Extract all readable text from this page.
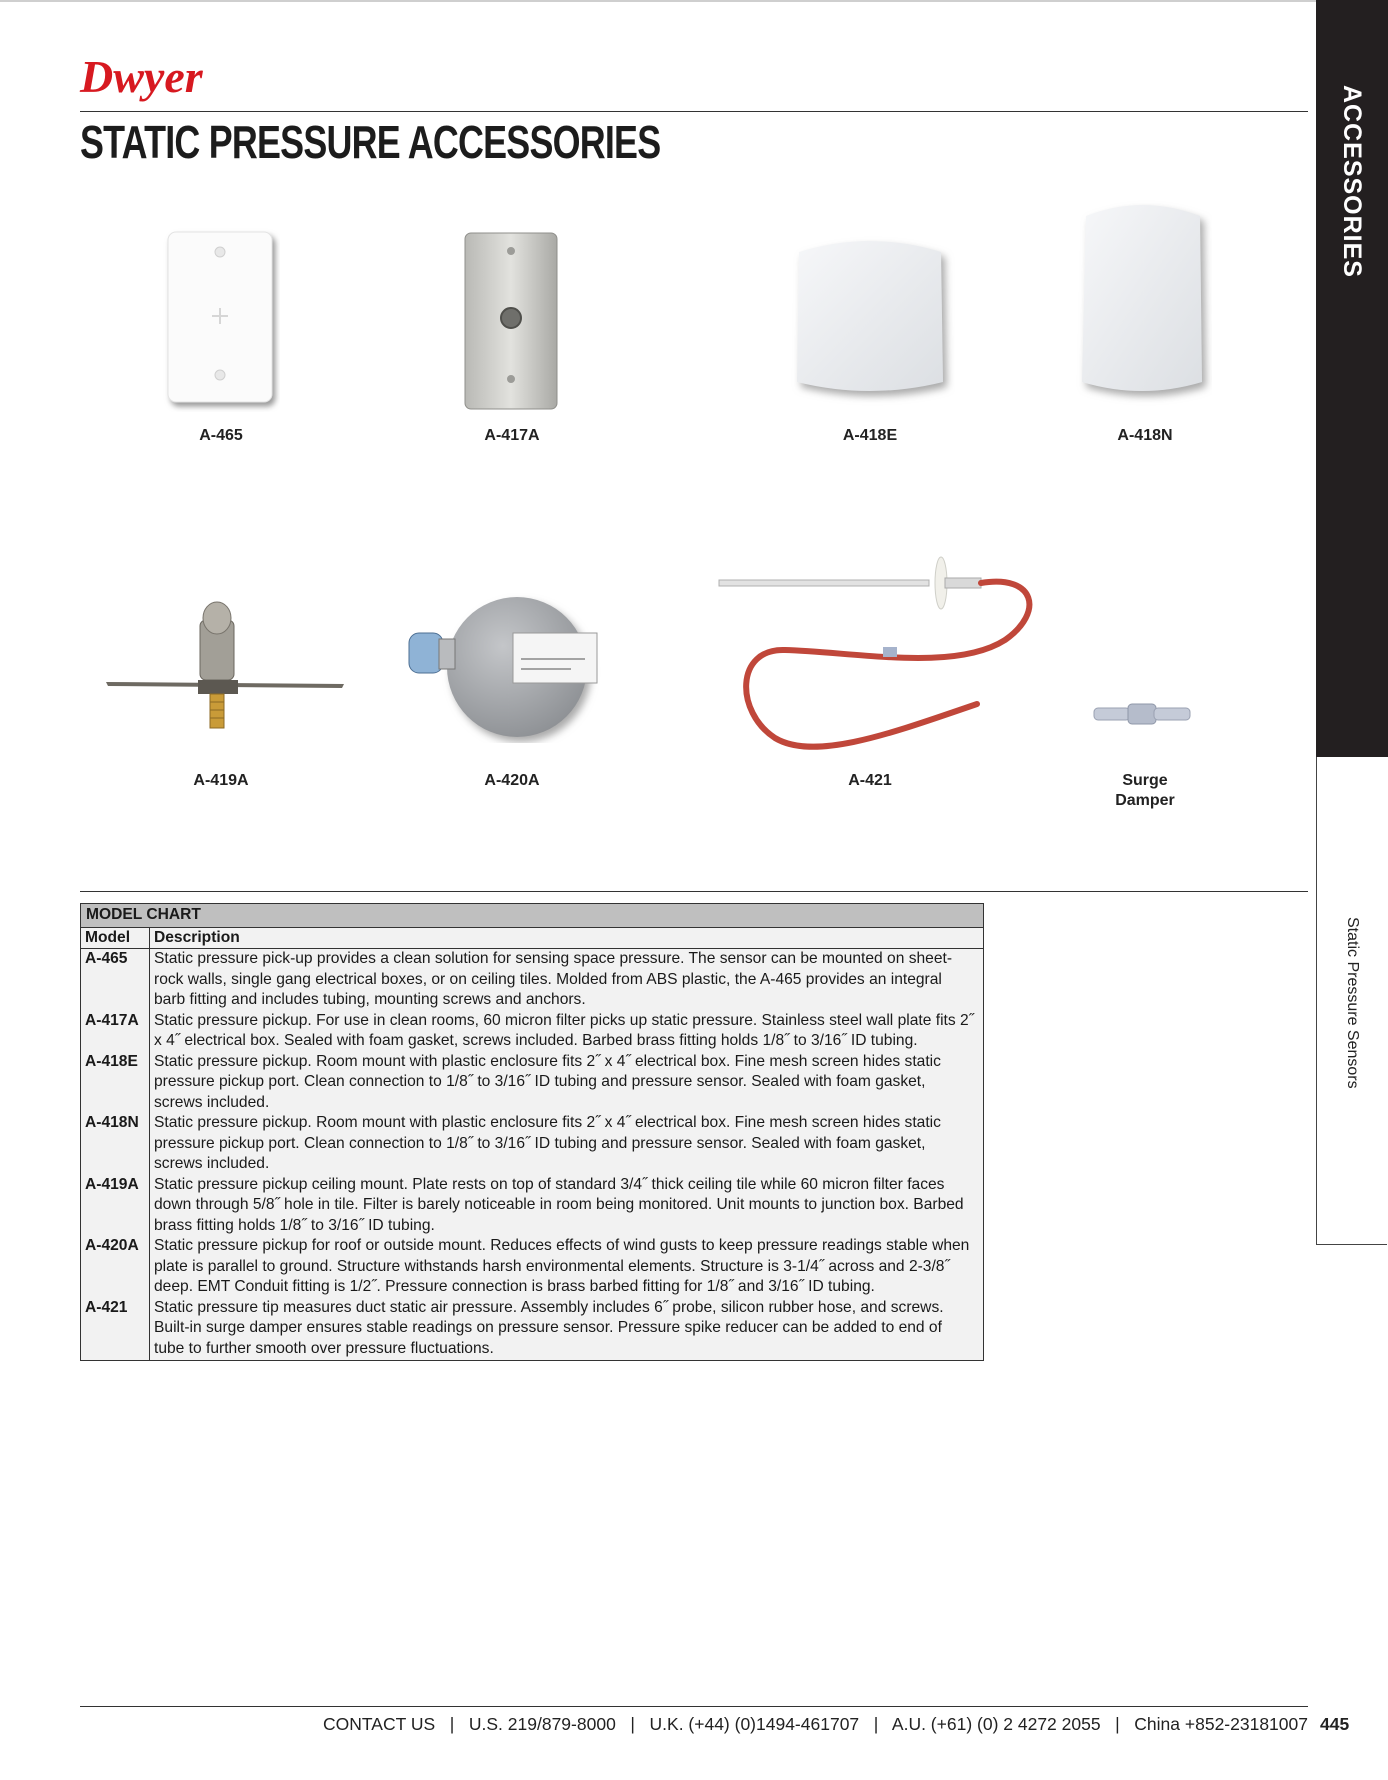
Dwyer
STATIC PRESSURE ACCESSORIES	ACCESSORIES
Static Pressure Sensors
A-465	A-417A	A-418E	A-418N
A-419A	A-420A	A-421	Surge
Damper
MODEL CHART
Model	Description
A-465	Static pressure pick-up provides a clean solution for sensing space pressure. The sensor can be mounted on sheet-rock walls, single gang electrical boxes, or on ceiling tiles. Molded from ABS plastic, the A-465 provides an integral barb fitting and includes tubing, mounting screws and anchors.
A-417A	Static pressure pickup. For use in clean rooms, 60 micron filter picks up static pressure. Stainless steel wall plate fits 2˝ x 4˝ electrical box. Sealed with foam gasket, screws included. Barbed brass fitting holds 1/8˝ to 3/16˝ ID tubing.
A-418E	Static pressure pickup. Room mount with plastic enclosure fits 2˝ x 4˝ electrical box. Fine mesh screen hides static pressure pickup port. Clean connection to 1/8˝ to 3/16˝ ID tubing and pressure sensor. Sealed with foam gasket, screws included.
A-418N	Static pressure pickup. Room mount with plastic enclosure fits 2˝ x 4˝ electrical box. Fine mesh screen hides static pressure pickup port. Clean connection to 1/8˝ to 3/16˝ ID tubing and pressure sensor. Sealed with foam gasket, screws included.
A-419A	Static pressure pickup ceiling mount. Plate rests on top of standard 3/4˝ thick ceiling tile while 60 micron filter faces down through 5/8˝ hole in tile. Filter is barely noticeable in room being monitored. Unit mounts to junction box. Barbed brass fitting holds 1/8˝ to 3/16˝ ID tubing.
A-420A	Static pressure pickup for roof or outside mount. Reduces effects of wind gusts to keep pressure readings stable when plate is parallel to ground. Structure withstands harsh environmental elements. Structure is 3-1/4˝ across and 2-3/8˝ deep. EMT Conduit fitting is 1/2˝. Pressure connection is brass barbed fitting for 1/8˝ and 3/16˝ ID tubing.
A-421	Static pressure tip measures duct static air pressure. Assembly includes 6˝ probe, silicon rubber hose, and screws. Built-in surge damper ensures stable readings on pressure sensor. Pressure spike reducer can be added to end of tube to further smooth over pressure fluctuations.
CONTACT US   |   U.S. 219/879-8000   |   U.K. (+44) (0)1494-461707   |   A.U. (+61) (0) 2 4272 2055   |   China +852-23181007 445
